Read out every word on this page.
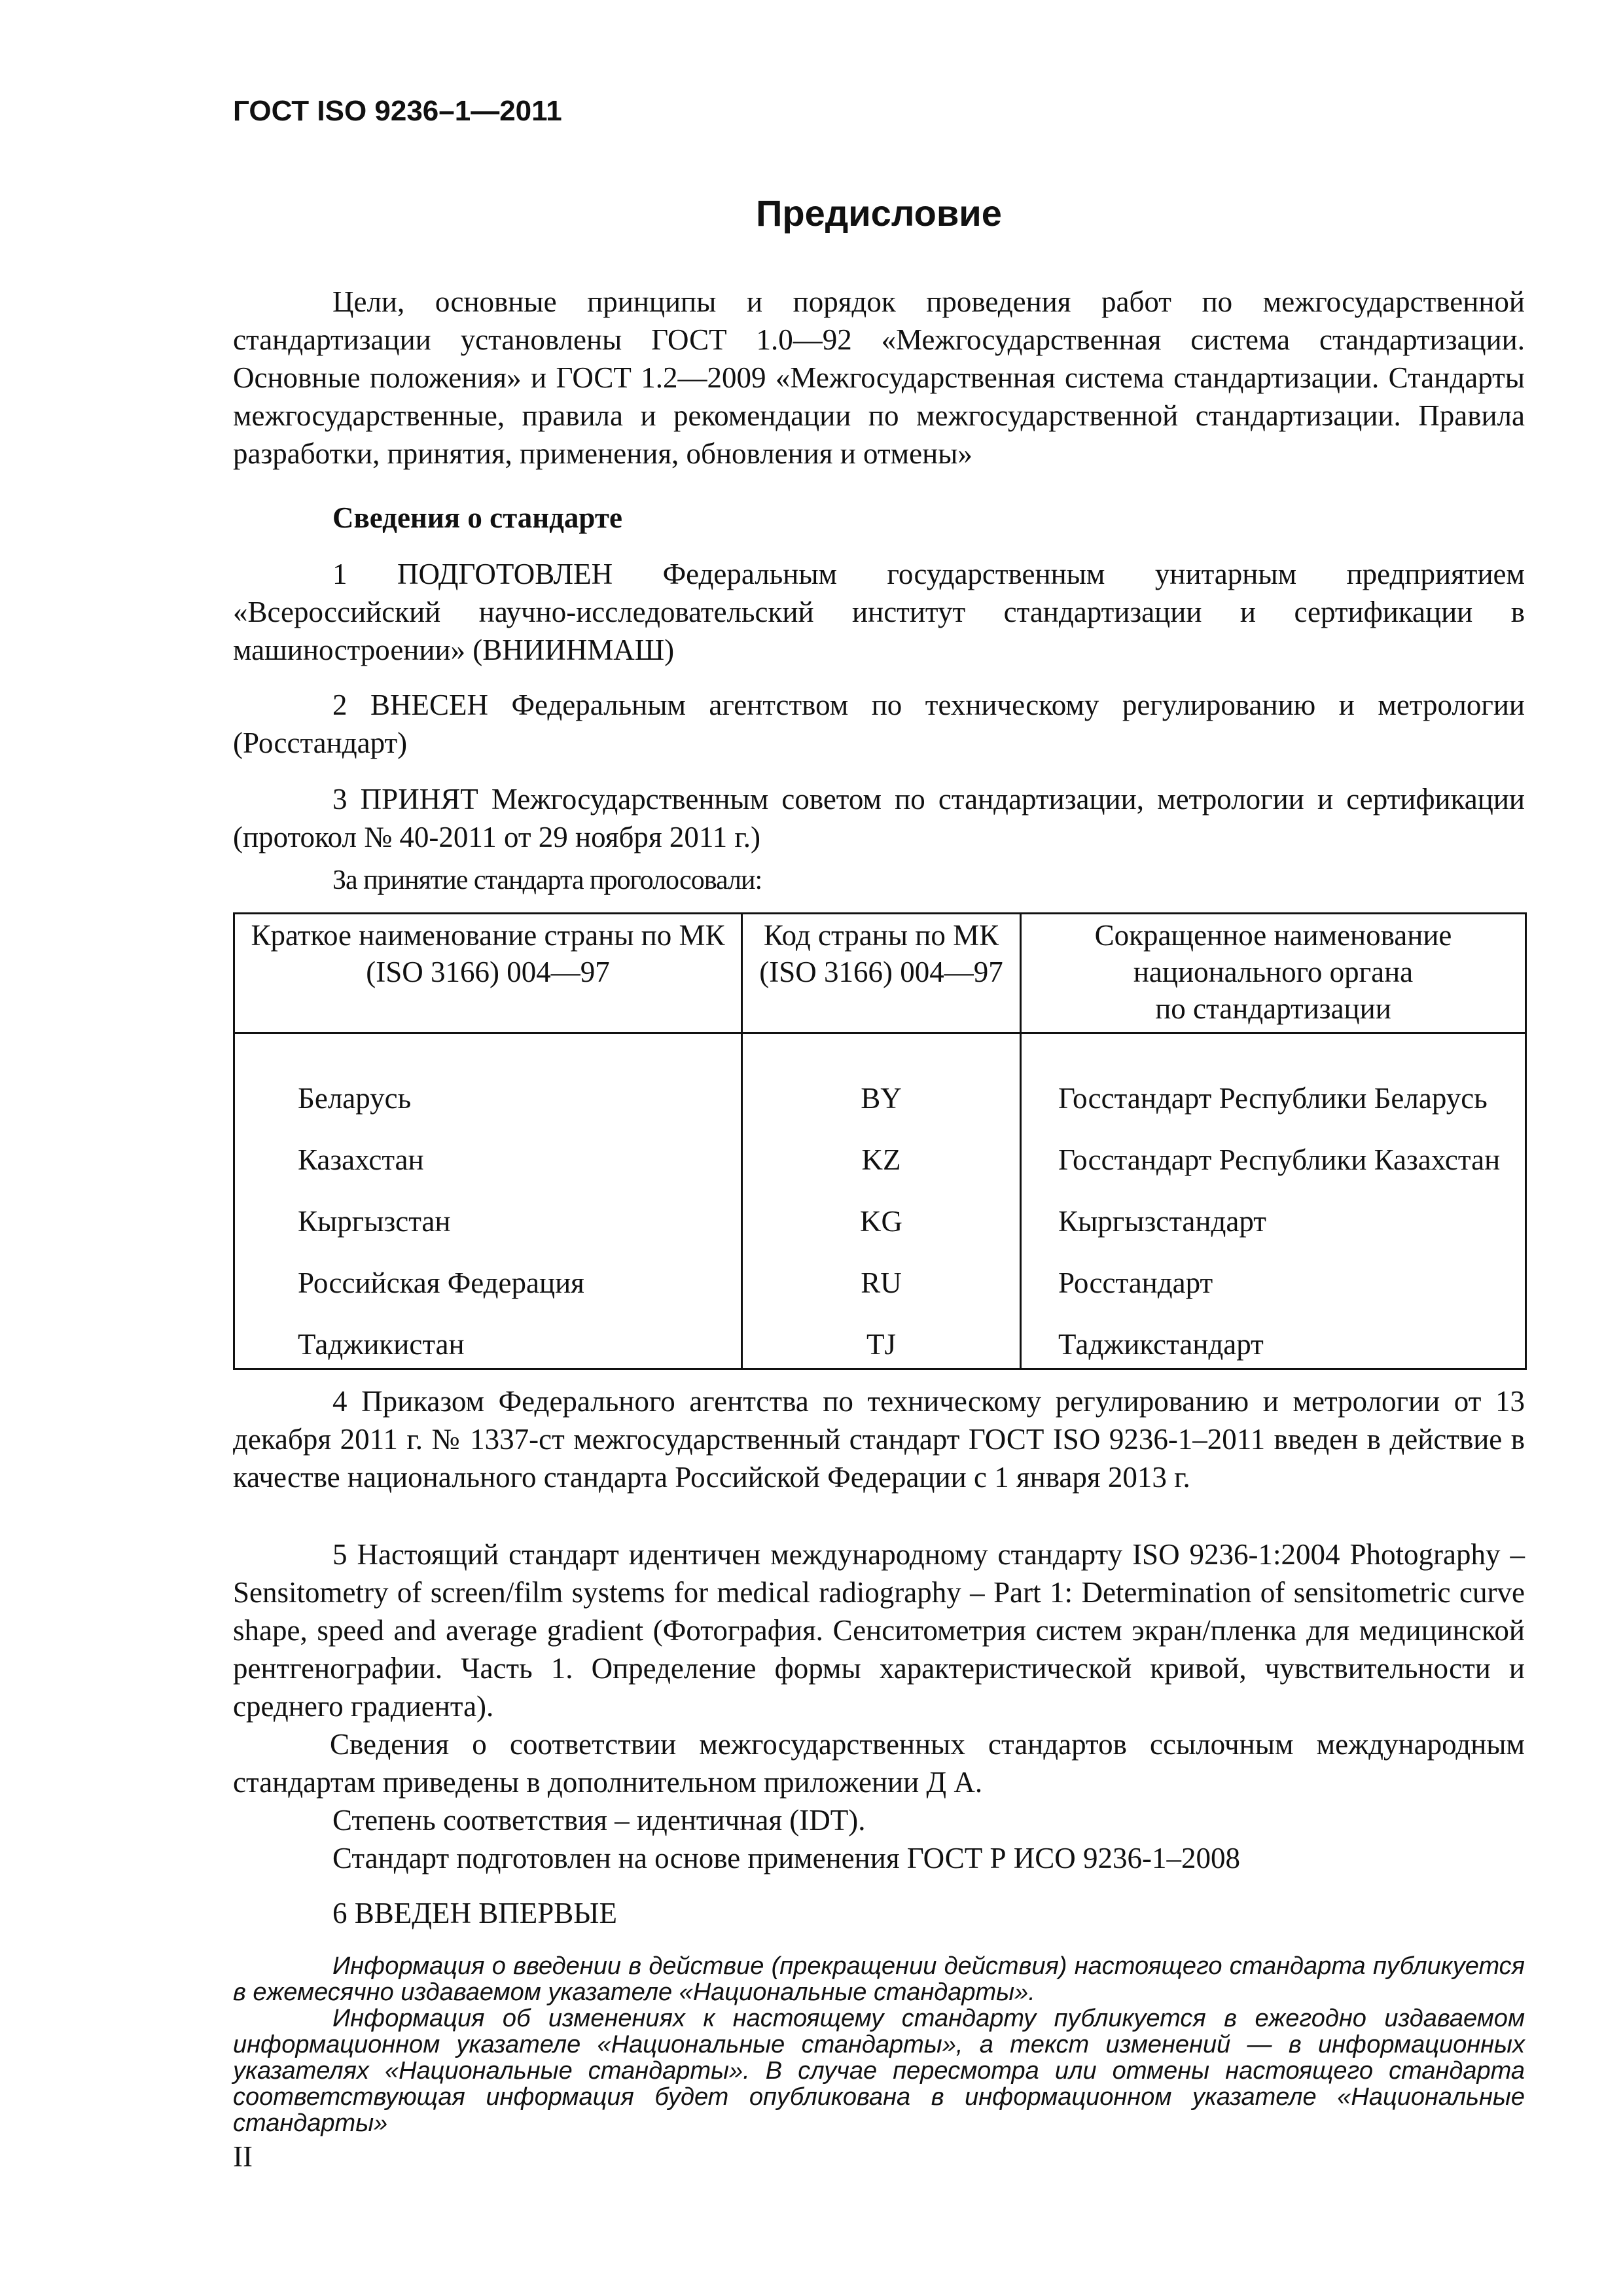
ГОСТ ISO 9236–1—2011
Предисловие
Цели, основные принципы и порядок проведения работ по межгосударственной стандартизации установлены ГОСТ 1.0—92 «Межгосударственная система стандартизации. Основные положения» и ГОСТ 1.2—2009 «Межгосударственная система стандартизации. Стандарты межгосударственные, правила и рекомендации по межгосударственной стандартизации. Правила разработки, принятия, применения, обновления и отмены»
Сведения о стандарте
1 ПОДГОТОВЛЕН Федеральным государственным унитарным предприятием «Всероссийский научно-исследовательский институт стандартизации и сертификации в машиностроении» (ВНИИНМАШ)
2 ВНЕСЕН Федеральным агентством по техническому регулированию и метрологии (Росстандарт)
3 ПРИНЯТ Межгосударственным советом по стандартизации, метрологии и сертификации (протокол № 40-2011 от 29 ноября 2011 г.)
За принятие стандарта проголосовали:
Краткое наименование страны по МК (ISO 3166) 004—97	Код страны по МК (ISO 3166) 004—97	Сокращенное наименование
национального органа
по стандартизации

Беларусь	BY	Госстандарт Республики Беларусь

Казахстан	KZ	Госстандарт Республики Казахстан

Кыргызстан	KG	Кыргызстандарт

Российская Федерация	RU	Росстандарт

Таджикистан	TJ	Таджикстандарт
4 Приказом Федерального агентства по техническому регулированию и метрологии от 13 декабря 2011 г. № 1337-ст межгосударственный стандарт ГОСТ ISO 9236-1–2011 введен в действие в качестве национального стандарта Российской Федерации с 1 января 2013 г.
5 Настоящий стандарт идентичен международному стандарту ISO 9236-1:2004 Photography – Sensitometry of screen/film systems for medical radiography – Part 1: Determination of sensitometric curve shape, speed and average gradient (Фотография. Сенситометрия систем экран/пленка для медицинской рентгенографии. Часть 1. Определение формы характеристической кривой, чувствительности и среднего градиента).
Сведения о соответствии межгосударственных стандартов ссылочным международным стандартам приведены в дополнительном приложении Д А.
Степень соответствия – идентичная (IDT).
Стандарт подготовлен на основе применения ГОСТ Р ИСО 9236-1–2008
6 ВВЕДЕН ВПЕРВЫЕ
Информация о введении в действие (прекращении действия) настоящего стандарта публикуется в ежемесячно издаваемом указателе «Национальные стандарты».
Информация об изменениях к настоящему стандарту публикуется в ежегодно издаваемом информационном указателе «Национальные стандарты», а текст изменений — в информационных указателях «Национальные стандарты». В случае пересмотра или отмены настоящего стандарта соответствующая информация будет опубликована в информационном указателе «Национальные стандарты»
II
